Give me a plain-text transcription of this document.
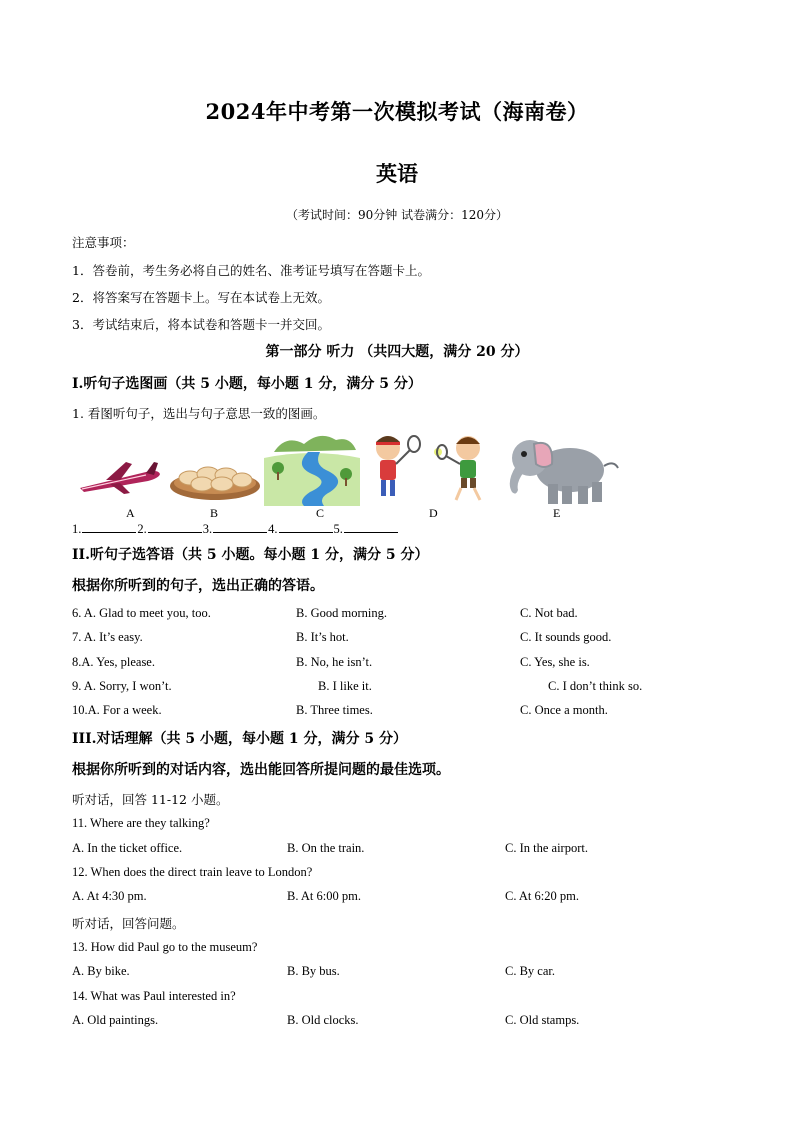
2024年中考第一次模拟考试（海南卷）
英语
（考试时间：90分钟 试卷满分：120分）
注意事项：
1．答卷前，考生务必将自己的姓名、准考证号填写在答题卡上。
2．将答案写在答题卡上。写在本试卷上无效。
3．考试结束后，将本试卷和答题卡一并交回。
第一部分 听力 （共四大题，满分 20 分）
I.听句子选图画（共 5 小题，每小题 1 分，满分 5 分）
1. 看图听句子，选出与句子意思一致的图画。
A	B	C	D	E
1.	2.	3.	4.	5.
II.听句子选答语（共 5 小题。每小题 1 分，满分 5 分）
根据你所听到的句子，选出正确的答语。
6. A. Glad to meet you, too.	B. Good morning.	C. Not bad.
7. A. It’s easy.	B. It’s hot.	C. It sounds good.
8.A. Yes, please.	B. No, he isn’t.	C. Yes, she is.
9. A. Sorry, I won’t.	B. I like it.	C. I don’t think so.
10.A. For a week.	B. Three times.	C. Once a month.
III.对话理解（共 5 小题，每小题 1 分，满分 5 分）
根据你所听到的对话内容，选出能回答所提问题的最佳选项。
听对话，回答 11-12 小题。
11. Where are they talking?
A. In the ticket office.	B. On the train.	C. In the airport.
12. When does the direct train leave to London?
A. At 4:30 pm.	B. At 6:00 pm.	C. At 6:20 pm.
听对话，回答问题。
13. How did Paul go to the museum?
A. By bike.	B. By bus.	C. By car.
14. What was Paul interested in?
A. Old paintings.	B. Old clocks.	C. Old stamps.
